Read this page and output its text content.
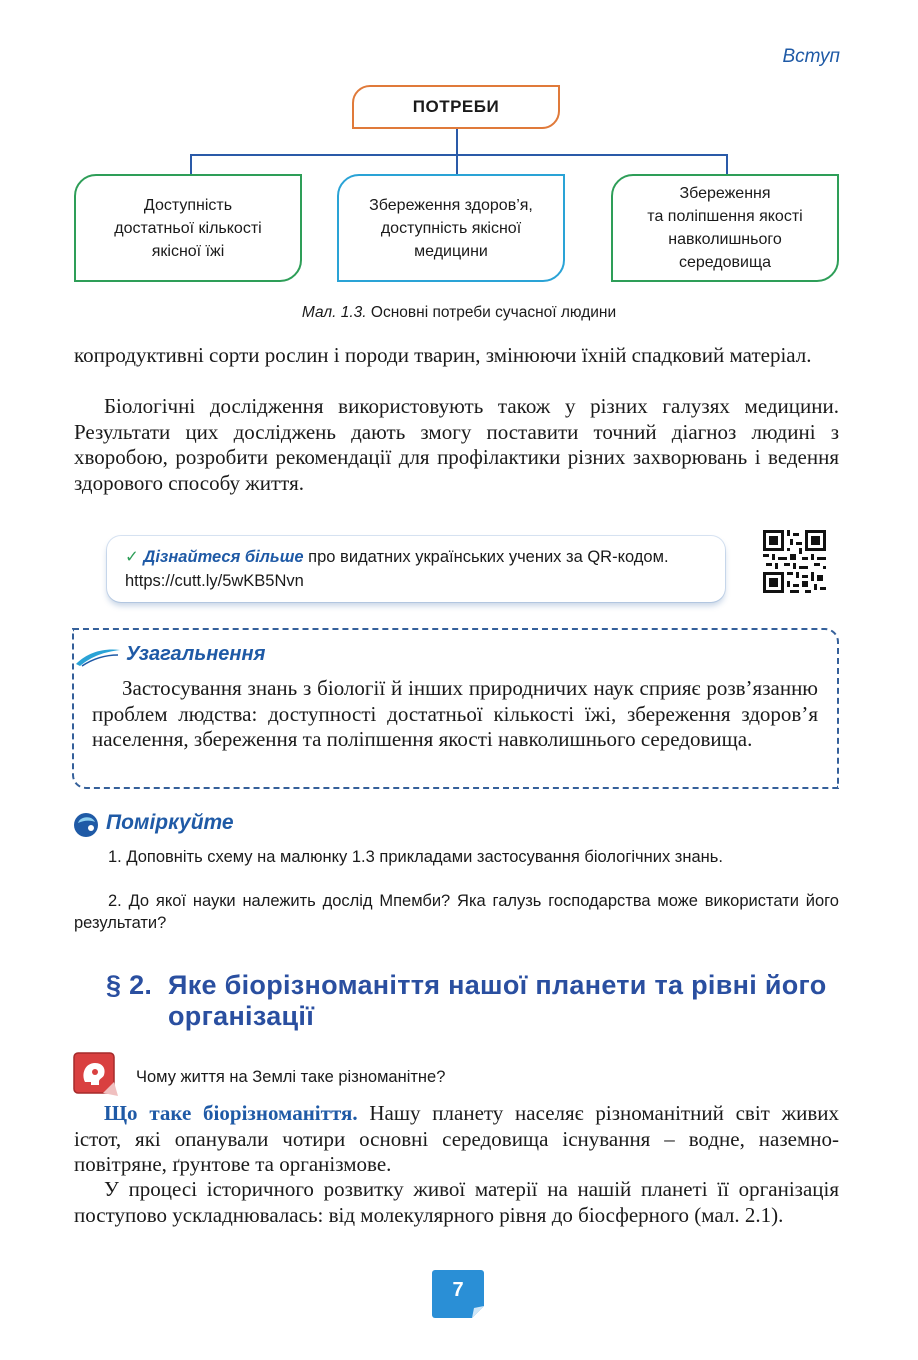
Вступ
ПОТРЕБИ
Доступність
достатньої кількості
якісної їжі
Збереження здоров’я,
доступність якісної
медицини
Збереження
та поліпшення якості
навколишнього
середовища
Мал. 1.3. Основні потреби сучасної людини
копродуктивні сорти рослин і породи тварин, змінюючи їхній спадковий матеріал.
Біологічні дослідження використовують також у різних галузях медицини. Результати цих досліджень дають змогу поставити точний діагноз людині з хворобою, розробити рекомендації для профілактики різних захворювань і ведення здорового способу життя.
✓ Дізнайтеся більше про видатних українських учених за QR-кодом. https://cutt.ly/5wKB5Nvn
Узагальнення
Застосування знань з біології й інших природничих наук сприяє розв’язанню проблем людства: доступності достатньої кількості їжі, збереження здоров’я населення, збереження та поліпшення якості навколишнього середовища.
Поміркуйте
1. Доповніть схему на малюнку 1.3 прикладами застосування біологічних знань.
2. До якої науки належить дослід Мпемби? Яка галузь господарства може використати його результати?
§ 2. Яке біорізноманіття нашої планети та рівні його організації
Чому життя на Землі таке різноманітне?
Що таке біорізноманіття. Нашу планету населяє різноманітний світ живих істот, які опанували чотири основні середовища існування – водне, наземно-повітряне, ґрунтове та організмове.
У процесі історичного розвитку живої матерії на нашій планеті її організація поступово ускладнювалась: від молекулярного рівня до біосферного (мал. 2.1).
7
